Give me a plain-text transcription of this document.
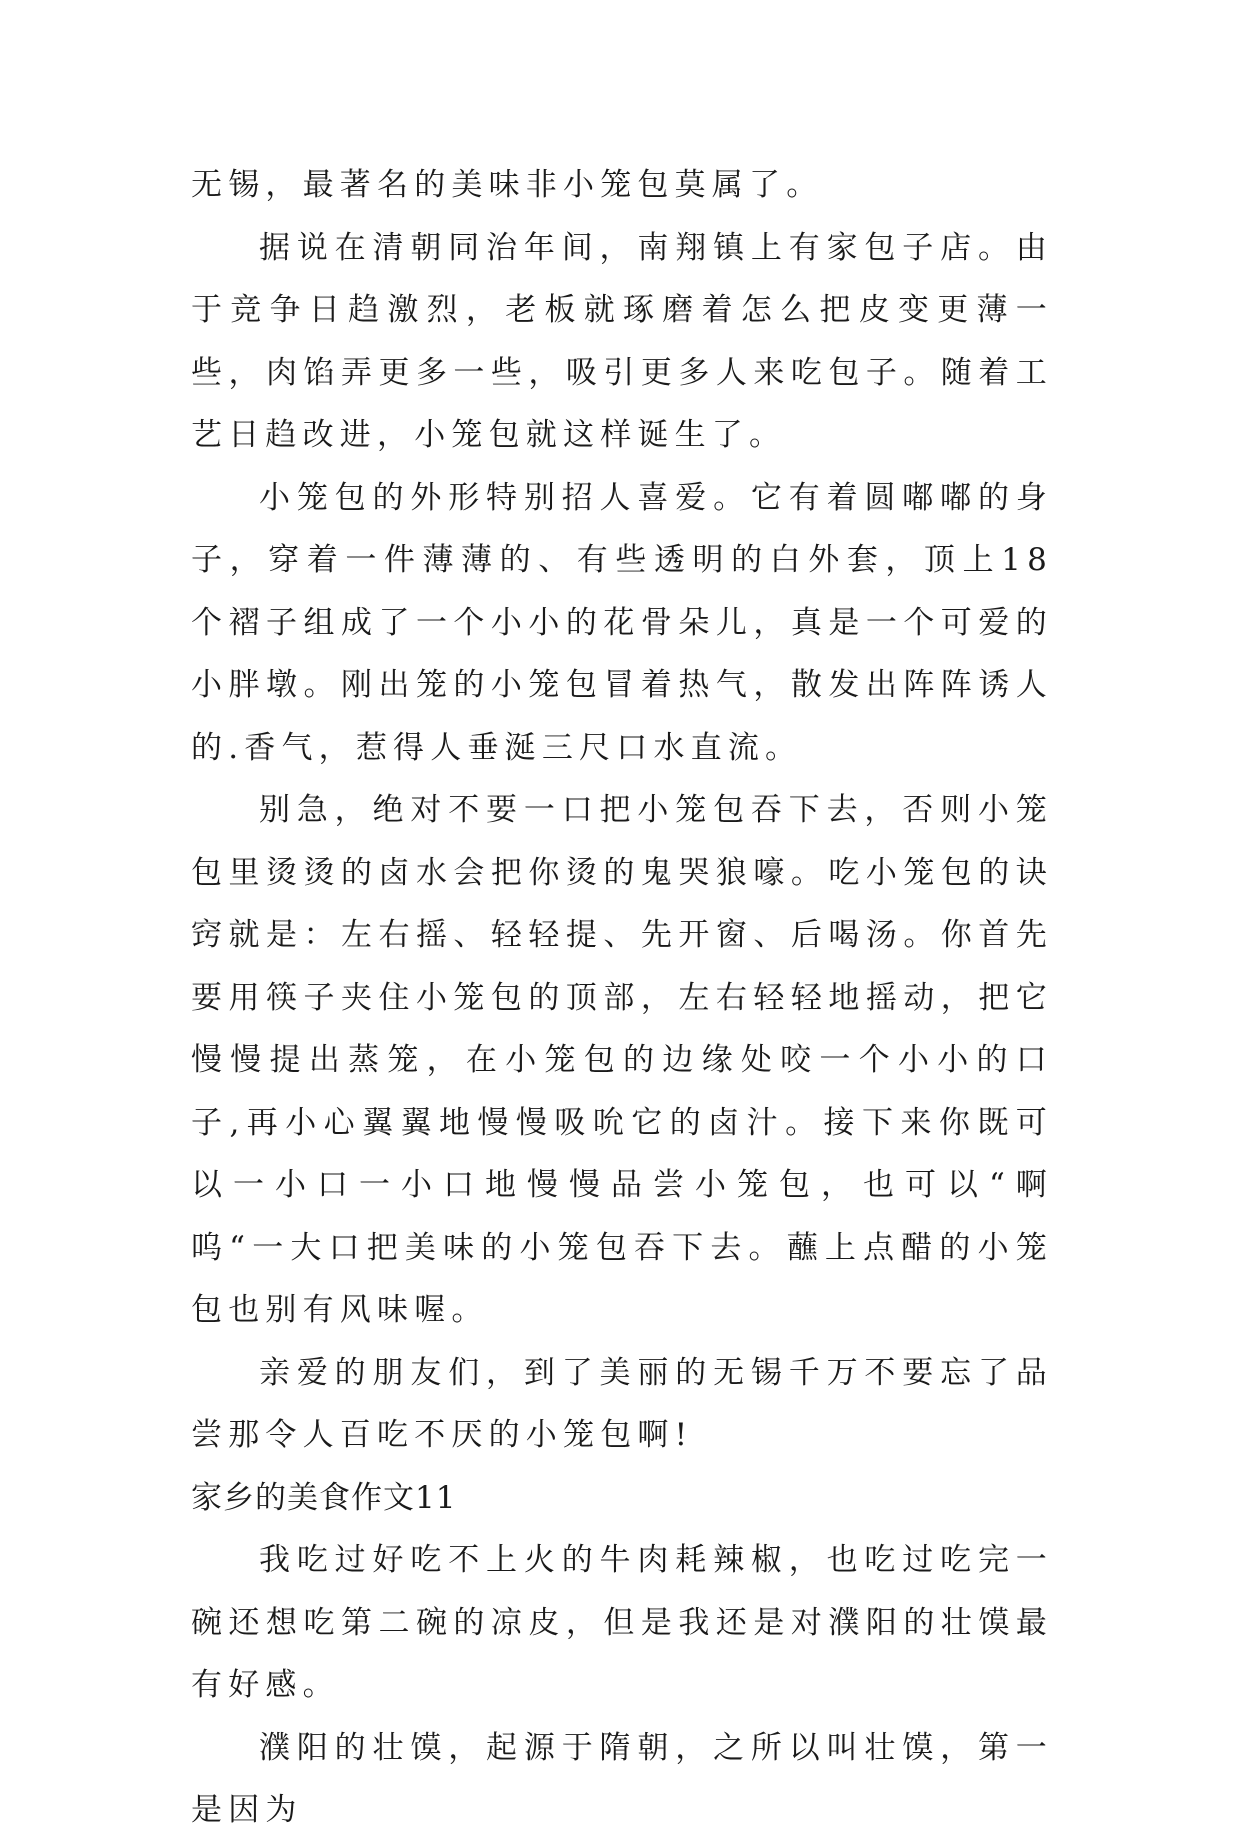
无锡，最著名的美味非小笼包莫属了。

据说在清朝同治年间，南翔镇上有家包子店。由于竞争日趋激烈，老板就琢磨着怎么把皮变更薄一些，肉馅弄更多一些，吸引更多人来吃包子。随着工艺日趋改进，小笼包就这样诞生了。

小笼包的外形特别招人喜爱。它有着圆嘟嘟的身子，穿着一件薄薄的、有些透明的白外套，顶上18个褶子组成了一个小小的花骨朵儿，真是一个可爱的小胖墩。刚出笼的小笼包冒着热气，散发出阵阵诱人的.香气，惹得人垂涎三尺口水直流。

别急，绝对不要一口把小笼包吞下去，否则小笼包里烫烫的卤水会把你烫的鬼哭狼嚎。吃小笼包的诀窍就是：左右摇、轻轻提、先开窗、后喝汤。你首先要用筷子夹住小笼包的顶部，左右轻轻地摇动，把它慢慢提出蒸笼，在小笼包的边缘处咬一个小小的口子,再小心翼翼地慢慢吸吮它的卤汁。接下来你既可以一小口一小口地慢慢品尝小笼包，也可以“啊呜“一大口把美味的小笼包吞下去。蘸上点醋的小笼包也别有风味喔。

亲爱的朋友们，到了美丽的无锡千万不要忘了品尝那令人百吃不厌的小笼包啊!

家乡的美食作文11

我吃过好吃不上火的牛肉耗辣椒，也吃过吃完一碗还想吃第二碗的凉皮，但是我还是对濮阳的壮馍最有好感。

濮阳的壮馍，起源于隋朝，之所以叫壮馍，第一是因为
